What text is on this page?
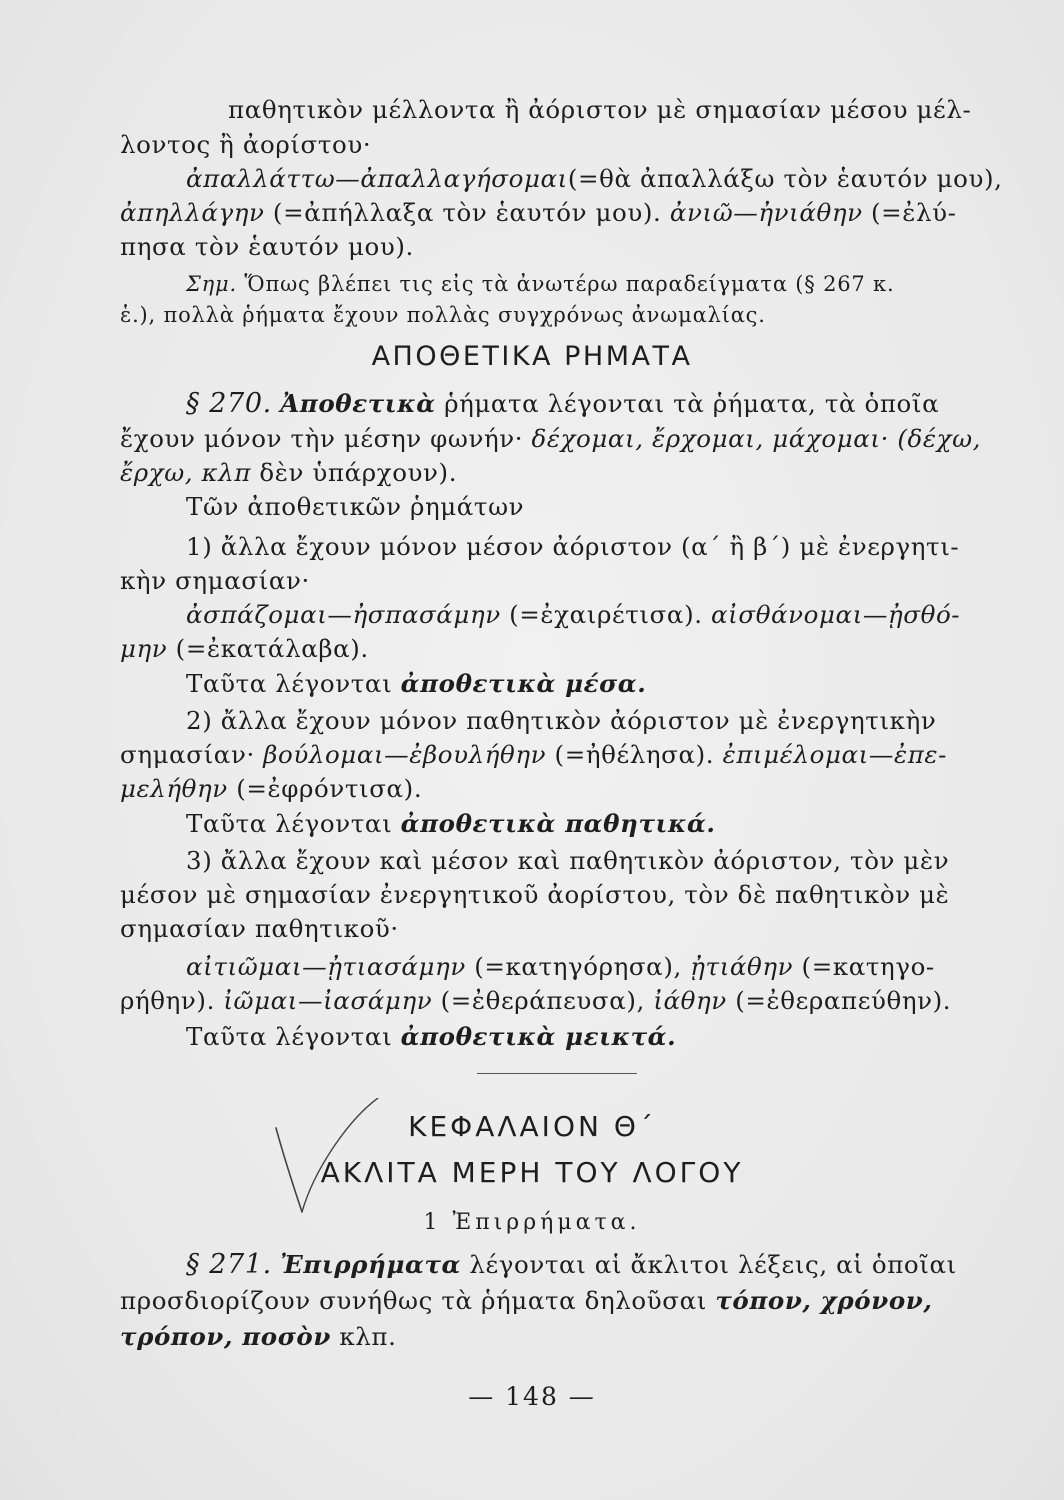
παθητικὸν μέλλοντα ἢ ἀόριστον μὲ σημασίαν μέσου μέλ-
λοντος ἢ ἀορίστου·
ἀπαλλάττω—ἀπαλλαγήσομαι(=θὰ ἀπαλλάξω τὸν ἑαυτόν μου),
ἀπηλλάγην (=ἀπήλλαξα τὸν ἑαυτόν μου). ἀνιῶ—ἠνιάθην (=ἐλύ-
πησα τὸν ἑαυτόν μου).
Σημ. Ὅπως βλέπει τις εἰς τὰ ἀνωτέρω παραδείγματα (§ 267 κ.
ἑ.), πολλὰ ῥήματα ἔχουν πολλὰς συγχρόνως ἀνωμαλίας.
ΑΠΟΘΕΤΙΚΑ ΡΗΜΑΤΑ
§ 270. Ἀποθετικὰ ῥήματα λέγονται τὰ ῥήματα, τὰ ὁποῖα
ἔχουν μόνον τὴν μέσην φωνήν· δέχομαι, ἔρχομαι, μάχομαι· (δέχω,
ἔρχω, κλπ δὲν ὑπάρχουν).
Τῶν ἀποθετικῶν ῥημάτων
1) ἄλλα ἔχουν μόνον μέσον ἀόριστον (α΄ ἢ β΄) μὲ ἐνεργητι-
κὴν σημασίαν·
ἀσπάζομαι—ἠσπασάμην (=ἐχαιρέτισα). αἰσθάνομαι—ᾐσθό-
μην (=ἐκατάλαβα).
Ταῦτα λέγονται ἀποθετικὰ μέσα.
2) ἄλλα ἔχουν μόνον παθητικὸν ἀόριστον μὲ ἐνεργητικὴν
σημασίαν· βούλομαι—ἐβουλήθην (=ἠθέλησα). ἐπιμέλομαι—ἐπε-
μελήθην (=ἐφρόντισα).
Ταῦτα λέγονται ἀποθετικὰ παθητικά.
3) ἄλλα ἔχουν καὶ μέσον καὶ παθητικὸν ἀόριστον, τὸν μὲν
μέσον μὲ σημασίαν ἐνεργητικοῦ ἀορίστου, τὸν δὲ παθητικὸν μὲ
σημασίαν παθητικοῦ·
αἰτιῶμαι—ᾐτιασάμην (=κατηγόρησα), ᾐτιάθην (=κατηγο-
ρήθην). ἰῶμαι—ἰασάμην (=ἐθεράπευσα), ἰάθην (=ἐθεραπεύθην).
Ταῦτα λέγονται ἀποθετικὰ μεικτά.
ΚΕΦΑΛΑΙΟΝ Θ΄
ΑΚΛΙΤΑ ΜΕΡΗ ΤΟΥ ΛΟΓΟΥ
1 Ἐπιρρήματα.
§ 271. Ἐπιρρήματα λέγονται αἱ ἄκλιτοι λέξεις, αἱ ὁποῖαι
προσδιορίζουν συνήθως τὰ ῥήματα δηλοῦσαι τόπον, χρόνον,
τρόπον, ποσὸν κλπ.
— 148 —
